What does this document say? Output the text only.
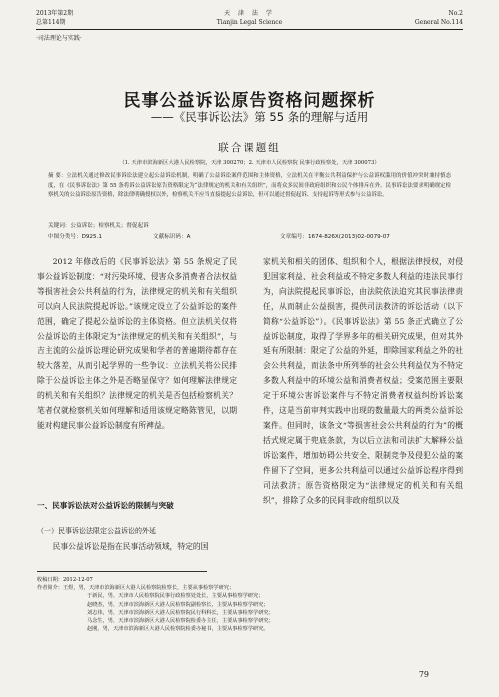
2013年第2期
总第114期
天 津 法 学
Tianjin Legal Science
No.2
General No.114
·司法理论与实践·
民事公益诉讼原告资格问题探析
——《民事诉讼法》第 55 条的理解与适用
联合课题组
（1. 天津市滨海新区大港人民检察院，天津 300270；2. 天津市人民检察院 民事行政检察处，天津 300073）
摘 要：立法机关通过修改民事诉讼法建立起公益诉讼机制，明确了公益诉讼案件范围和主体资格，立法机关在平衡公共利益保护与公益诉权滥用的价值冲突时兼持慎态度，在《民事诉讼法》第 55 条将诉公益诉讼原告资格限定为“法律规定的机关和有关组织”，而将众多民间非政府组织和公民个体排斥在外。民事诉讼法要求明确规定检察机关的公益诉讼原告资格，除法律明确授权以外，检察机关不应当直接提起公益诉讼，但可以通过督促起诉、支持起诉等形式参与公益诉讼。
关键词：公益诉讼；检察机关；督促起诉
中图分类号：D925.1	文献标识码：A	文章编号：1674-826X(2013)02-0079-07

2012 年修改后的《民事诉讼法》第 55 条规定了民事公益诉讼制度：“对污染环境、侵害众多消费者合法权益等损害社会公共利益的行为，法律规定的机关和有关组织可以向人民法院提起诉讼。”该规定设立了公益诉讼的案件范围，确定了提起公益诉讼的主体资格。但立法机关仅将公益诉讼的主体限定为“法律规定的机关和有关组织”，与吉主流的公益诉讼理论研究成果和学者的普遍期待都存在较大落差，从而引起学界的一些争议：立法机关将公民排除于公益诉讼主体之外是否略显保守？如何理解法律规定的机关和有关组织？法律规定的机关是否包括检察机关？笔者仅就检察机关如何理解和适用该规定略陈管见，以期能对构建民事公益诉讼制度有所裨益。

一、民事诉讼法对公益诉讼的限制与突破
（一）民事诉讼法限定公益诉讼的外延

民事公益诉讼是指在民事活动领域，特定的国

家机关和相关的团体、组织和个人，根据法律授权，对侵犯国家利益、社会利益或不特定多数人利益的违法民事行为，向法院提起民事诉讼，由法院依法追究其民事法律责任，从而制止公益损害，提供司法救济的诉讼活动（以下简称“公益诉讼”）。《民事诉讼法》第 55 条正式确立了公益诉讼制度，取得了学界多年的相关研究成果，但对其外延有所限制：限定了公益的外延，即除国家利益之外的社会公共利益，而法条中所列举的社会公共利益仅为不特定多数人利益中的环境公益和消费者权益；受案范围主要限定于环境公害诉讼案件与不特定消费者权益纠纷诉讼案件，这是当前审判实践中出现的数量最大的两类公益诉讼案件。但同时，该条文“等损害社会公共利益的行为”的概括式规定属于兜底条款，为以后立法和司法扩大解释公益诉讼案件，增加妨碍公共安全、限制竞争及侵犯公益的案件留下了空间，更多公共利益可以通过公益诉讼程序得到司法救济；原告资格限定为“法律规定的机关和有关组织”，排除了众多的民间非政府组织以及

收稿日期：2012-12-07
作者简介：王煜，男，天津市滨海新区大港人民检察院检察长，主要从事检察学研究；
于新民，男，天津市人民检察院民事行政检察处处长，主要从事检察学研究；
赵晓杰，男，天津市滨海新区大港人民检察院副检察长，主要从事检察学研究；
刘志伟，男，天津市滨海新区大港人民检察院民行科科长，主要从事检察学研究；
马念生，男，天津市滨海新区大港人民检察院检委办主任，主要从事检察学研究；
赵刚，男，天津市滨海新区大港人民检察院检委办秘书，主要从事检察学研究。
79
